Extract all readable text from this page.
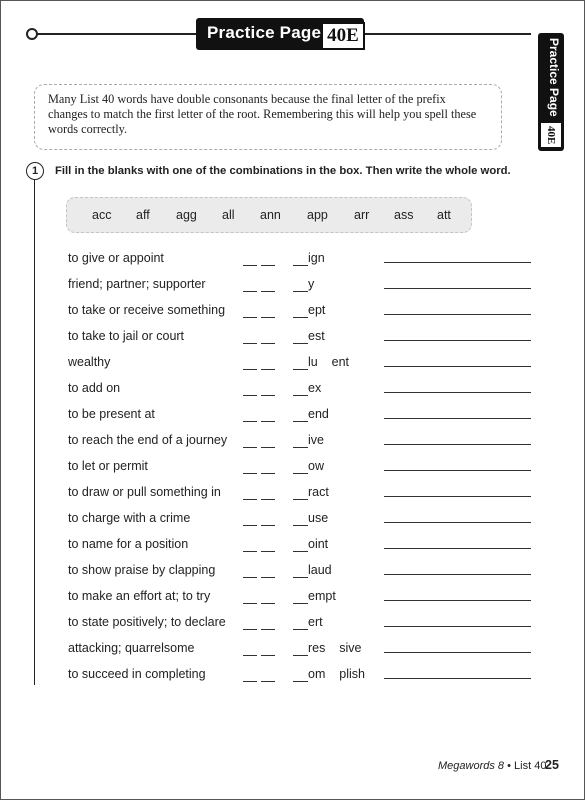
Practice Page 40E
Practice Page
40E
Many List 40 words have double consonants because the final letter of the prefix changes to match the first letter of the root. Remembering this will help you spell these words correctly.
1	Fill in the blanks with one of the combinations in the box. Then write the whole word.
acc aff agg all ann app arr ass att
to give or appoint	ign
friend; partner; supporter	y
to take or receive something	ept
to take to jail or court	est
wealthy	lu    ent
to add on	ex
to be present at	end
to reach the end of a journey	ive
to let or permit	ow
to draw or pull something in	ract
to charge with a crime	use
to name for a position	oint
to show praise by clapping	laud
to make an effort at; to try	empt
to state positively; to declare	ert
attacking; quarrelsome	res    sive
to succeed in completing	om    plish
Megawords 8 • List 40
25
